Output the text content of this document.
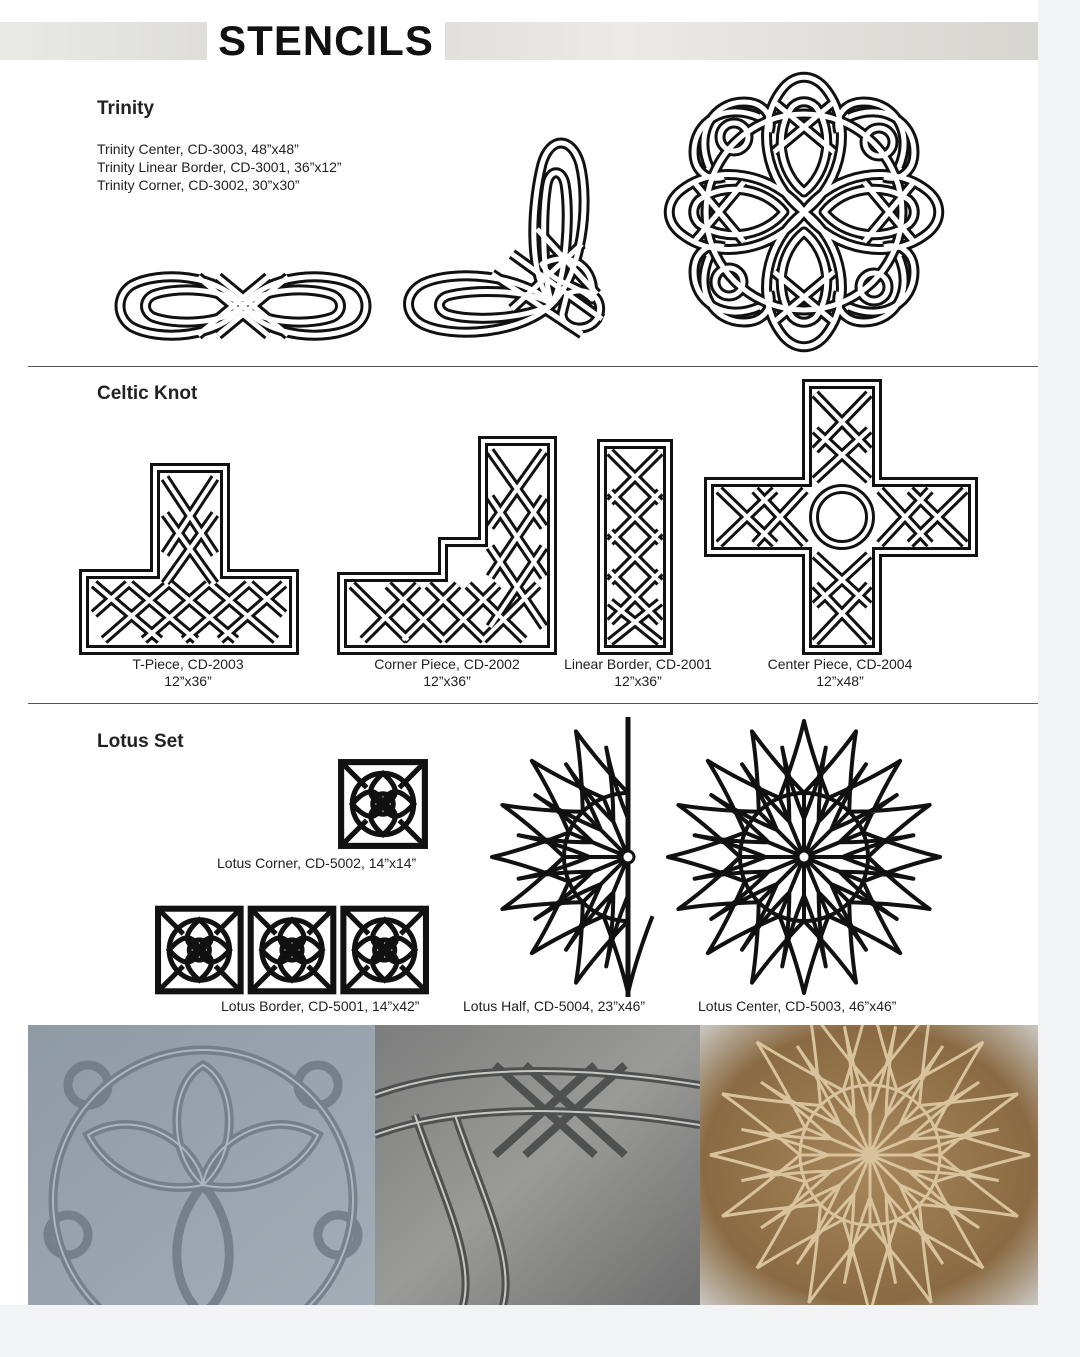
STENCILS
Trinity
Trinity Center, CD-3003, 48”x48”
Trinity Linear Border, CD-3001, 36”x12”
Trinity Corner, CD-3002, 30”x30”
Celtic Knot
T-Piece, CD-2003
12”x36”
Corner Piece, CD-2002
12”x36”
Linear Border, CD-2001
12”x36”
Center Piece, CD-2004
12”x48”
Lotus Set
Lotus Corner, CD-5002, 14”x14”
Lotus Border, CD-5001, 14”x42”	Lotus Half, CD-5004, 23”x46”	Lotus Center, CD-5003, 46”x46”
